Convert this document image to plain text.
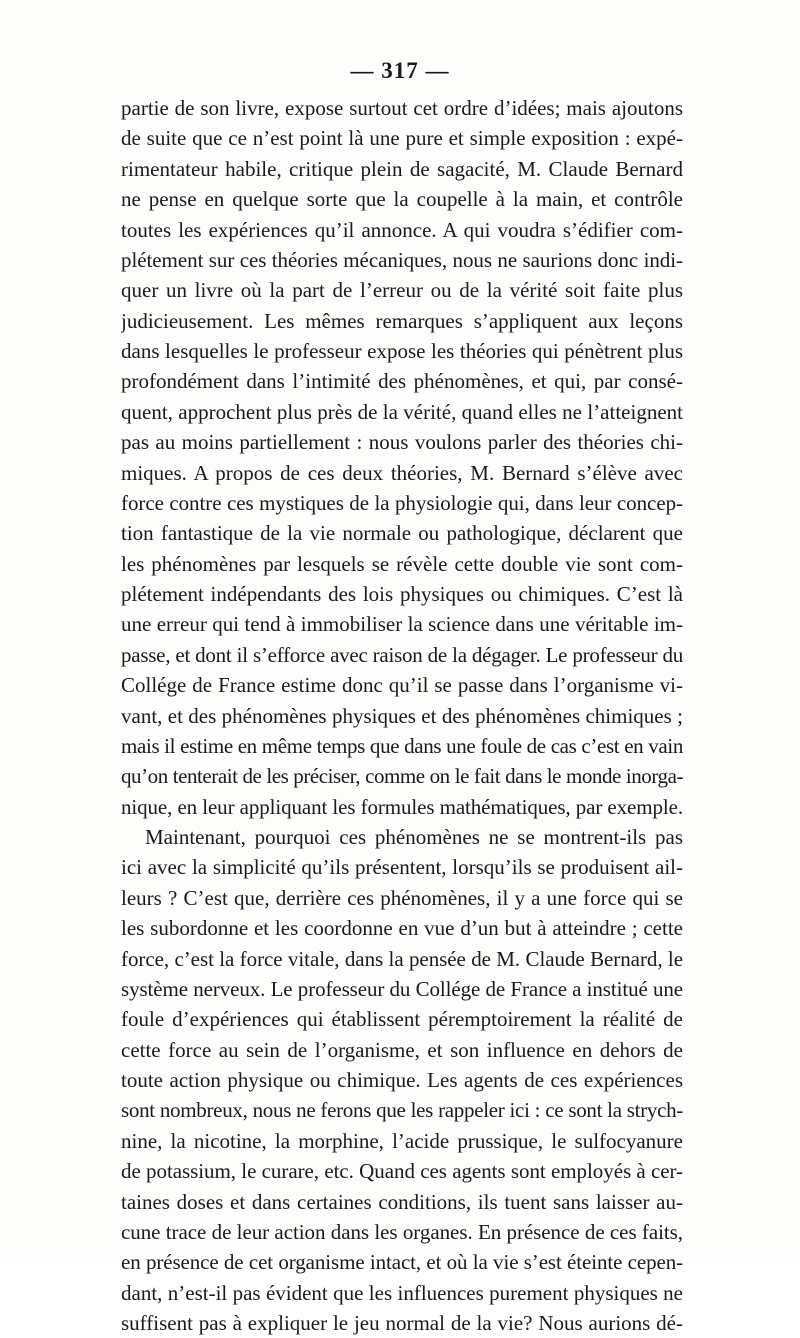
— 317 —
partie de son livre, expose surtout cet ordre d’idées; mais ajoutons
de suite que ce n’est point là une pure et simple exposition : expé-
rimentateur habile, critique plein de sagacité, M. Claude Bernard
ne pense en quelque sorte que la coupelle à la main, et contrôle
toutes les expériences qu’il annonce. A qui voudra s’édifier com-
plétement sur ces théories mécaniques, nous ne saurions donc indi-
quer un livre où la part de l’erreur ou de la vérité soit faite plus
judicieusement. Les mêmes remarques s’appliquent aux leçons
dans lesquelles le professeur expose les théories qui pénètrent plus
profondément dans l’intimité des phénomènes, et qui, par consé-
quent, approchent plus près de la vérité, quand elles ne l’atteignent
pas au moins partiellement : nous voulons parler des théories chi-
miques. A propos de ces deux théories, M. Bernard s’élève avec
force contre ces mystiques de la physiologie qui, dans leur concep-
tion fantastique de la vie normale ou pathologique, déclarent que
les phénomènes par lesquels se révèle cette double vie sont com-
plétement indépendants des lois physiques ou chimiques. C’est là
une erreur qui tend à immobiliser la science dans une véritable im-
passe, et dont il s’efforce avec raison de la dégager. Le professeur du
Collége de France estime donc qu’il se passe dans l’organisme vi-
vant, et des phénomènes physiques et des phénomènes chimiques ;
mais il estime en même temps que dans une foule de cas c’est en vain
qu’on tenterait de les préciser, comme on le fait dans le monde inorga-
nique, en leur appliquant les formules mathématiques, par exemple.
Maintenant, pourquoi ces phénomènes ne se montrent-ils pas
ici avec la simplicité qu’ils présentent, lorsqu’ils se produisent ail-
leurs ? C’est que, derrière ces phénomènes, il y a une force qui se
les subordonne et les coordonne en vue d’un but à atteindre ; cette
force, c’est la force vitale, dans la pensée de M. Claude Bernard, le
système nerveux. Le professeur du Collége de France a institué une
foule d’expériences qui établissent péremptoirement la réalité de
cette force au sein de l’organisme, et son influence en dehors de
toute action physique ou chimique. Les agents de ces expériences
sont nombreux, nous ne ferons que les rappeler ici : ce sont la strych-
nine, la nicotine, la morphine, l’acide prussique, le sulfocyanure
de potassium, le curare, etc. Quand ces agents sont employés à cer-
taines doses et dans certaines conditions, ils tuent sans laisser au-
cune trace de leur action dans les organes. En présence de ces faits,
en présence de cet organisme intact, et où la vie s’est éteinte cepen-
dant, n’est-il pas évident que les influences purement physiques ne
suffisent pas à expliquer le jeu normal de la vie? Nous aurions dé-
